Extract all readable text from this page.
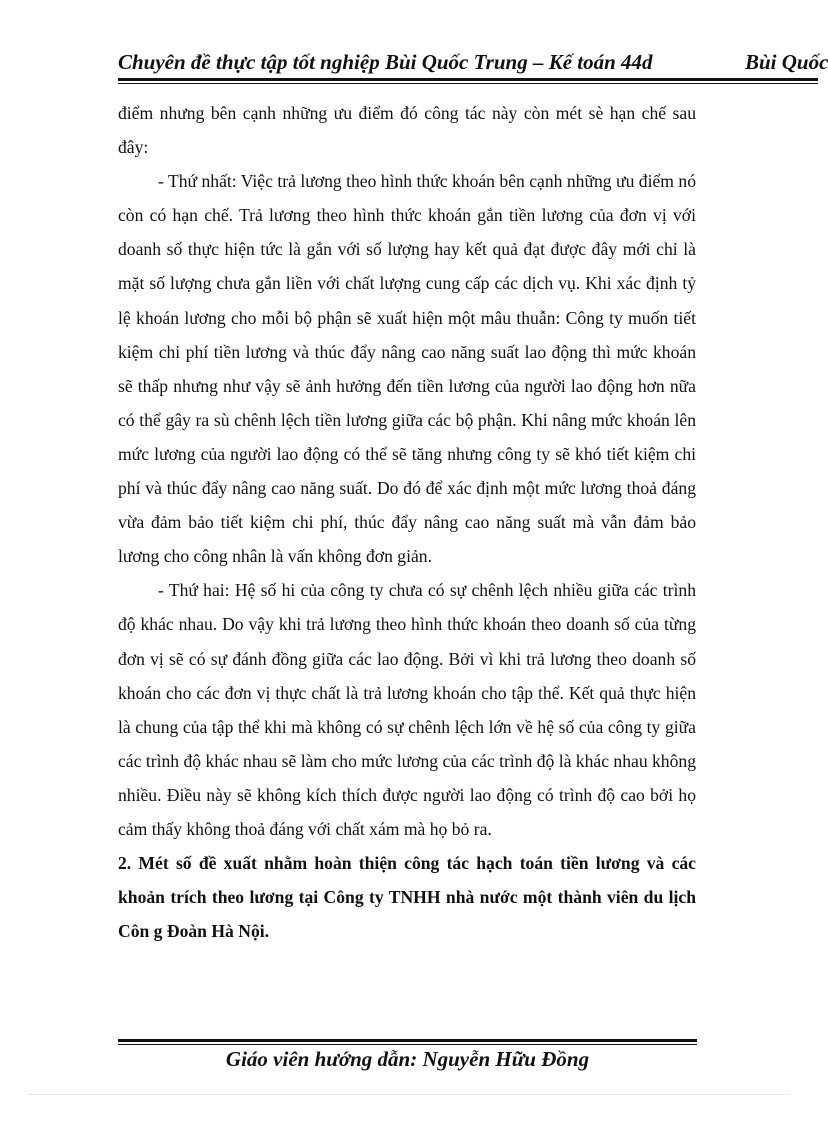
Chuyên đề thực tập tốt nghiệp Bùi Quốc Trung – Kế toán 44d	Bùi Quốc

điểm nhưng bên cạnh những ưu điểm đó công tác này còn mét sè hạn chế sau đây:

- Thứ nhất: Việc trả lương theo hình thức khoán bên cạnh những ưu điểm nó còn có hạn chế. Trả lương theo hình thức khoán gắn tiền lương của đơn vị với doanh số thực hiện tức là gắn với số lượng hay kết quả đạt được đây mới chỉ là mặt số lượng chưa gắn liền với chất lượng cung cấp các dịch vụ. Khi xác định tỷ lệ khoán lương cho mỗi bộ phận sẽ xuất hiện một mâu thuẫn: Công ty muốn tiết kiệm chi phí tiền lương và thúc đẩy nâng cao năng suất lao động thì mức khoán sẽ thấp nhưng như vậy sẽ ảnh hưởng đến tiền lương của người lao động hơn nữa có thể gây ra sù chênh lệch tiền lương giữa các bộ phận. Khi nâng mức khoán lên mức lương của người lao động có thể sẽ tăng nhưng công ty sẽ khó tiết kiệm chi phí và thúc đẩy nâng cao năng suất. Do đó để xác định một mức lương thoả đáng vừa đảm bảo tiết kiệm chi phí, thúc đẩy nâng cao năng suất mà vẫn đảm bảo lương cho công nhân là vấn không đơn giản.

- Thứ hai: Hệ số hi của công ty chưa có sự chênh lệch nhiều giữa các trình độ khác nhau. Do vậy khi trả lương theo hình thức khoán theo doanh số của từng đơn vị sẽ có sự đánh đồng giữa các lao động. Bởi vì khi trả lương theo doanh số khoán cho các đơn vị thực chất là trả lương khoán cho tập thể. Kết quả thực hiện là chung của tập thể khi mà không có sự chênh lệch lớn về hệ số của công ty giữa các trình độ khác nhau sẽ làm cho mức lương của các trình độ là khác nhau không nhiều. Điều này sẽ không kích thích được người lao động có trình độ cao bởi họ cảm thấy không thoả đáng với chất xám mà họ bỏ ra.

2. Mét số đề xuất nhằm hoàn thiện công tác hạch toán tiền lương và các khoản trích theo lương tại Công ty TNHH nhà nước một thành viên du lịch Côn g Đoàn Hà Nội.

Giáo viên hướng dẫn: Nguyễn Hữu Đồng
